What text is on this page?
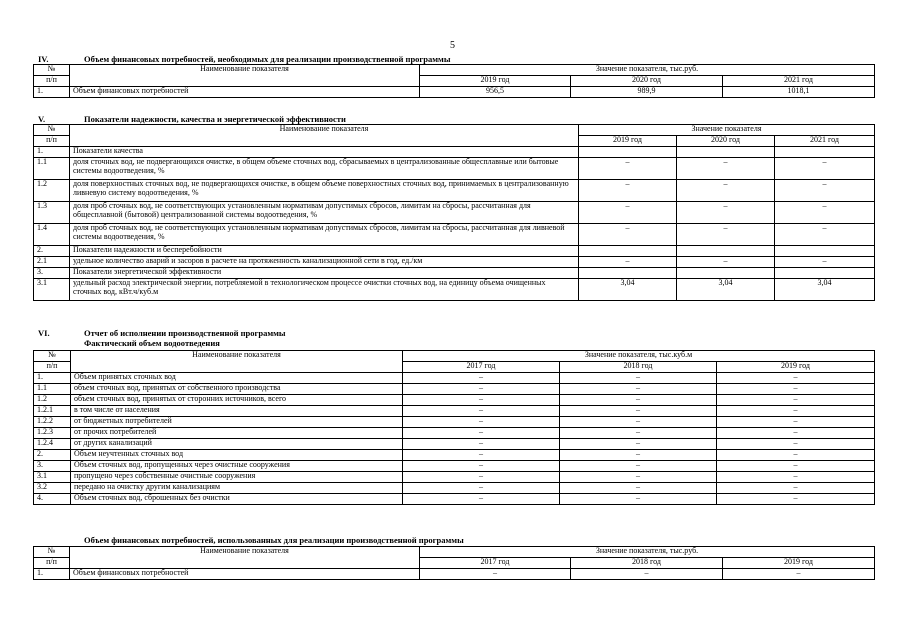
5
IV.	Объем финансовых потребностей, необходимых для реализации производственной программы
№	Наименование показателя	Значение показателя, тыс.руб.		
п/п		2019 год	2020 год	2021 год
1.	Объем финансовых потребностей	956,5	989,9	1018,1
V.	Показатели надежности, качества и энергетической эффективности
№	Наименование показателя	Значение показателя		
п/п		2019 год	2020 год	2021 год
1.	Показатели качества			
1.1	доля сточных вод, не подвергающихся очистке, в общем объеме сточных вод, сбрасываемых в централизованные общесплавные или бытовые системы водоотведения, %	–	–	–
1.2	доля поверхностных сточных вод, не подвергающихся очистке, в общем объеме поверхностных сточных вод, принимаемых в централизованную ливневую систему водоотведения, %	–	–	–
1.3	доля проб сточных вод, не соответствующих установленным нормативам допустимых сбросов, лимитам на сбросы, рассчитанная для общесплавной (бытовой) централизованной системы водоотведения, %	–	–	–
1.4	доля проб сточных вод, не соответствующих установленным нормативам допустимых сбросов, лимитам на сбросы, рассчитанная для ливневой системы водоотведения, %	–	–	–
2.	Показатели надежности и бесперебойности			
2.1	удельное количество аварий и засоров в расчете на протяженность канализационной сети в год, ед./км	–	–	–
3.	Показатели энергетической эффективности			
3.1	удельный расход электрической энергии, потребляемой в технологическом процессе очистки сточных вод, на единицу объема очищенных сточных вод, кВт.ч/куб.м	3,04	3,04	3,04
VI.	Отчет об исполнении производственной программы
Фактический объем водоотведения
№	Наименование показателя	Значение показателя, тыс.куб.м		
п/п		2017 год	2018 год	2019 год
1.	Объем принятых сточных вод	–	–	–
1.1	объем сточных вод, принятых от собственного производства	–	–	–
1.2	объем сточных вод, принятых от сторонних источников, всего	–	–	–
1.2.1	в том числе от населения	–	–	–
1.2.2	от бюджетных потребителей	–	–	–
1.2.3	от прочих потребителей	–	–	–
1.2.4	от других канализаций	–	–	–
2.	Объем неучтенных сточных вод	–	–	–
3.	Объем сточных вод, пропущенных через очистные сооружения	–	–	–
3.1	пропущено через собственные очистные сооружения	–	–	–
3.2	передано на очистку другим канализациям	–	–	–
4.	Объем сточных вод, сброшенных без очистки	–	–	–
Объем финансовых потребностей, использованных для реализации производственной программы
№	Наименование показателя	Значение показателя, тыс.руб.		
п/п		2017 год	2018 год	2019 год
1.	Объем финансовых потребностей	–	–	–
